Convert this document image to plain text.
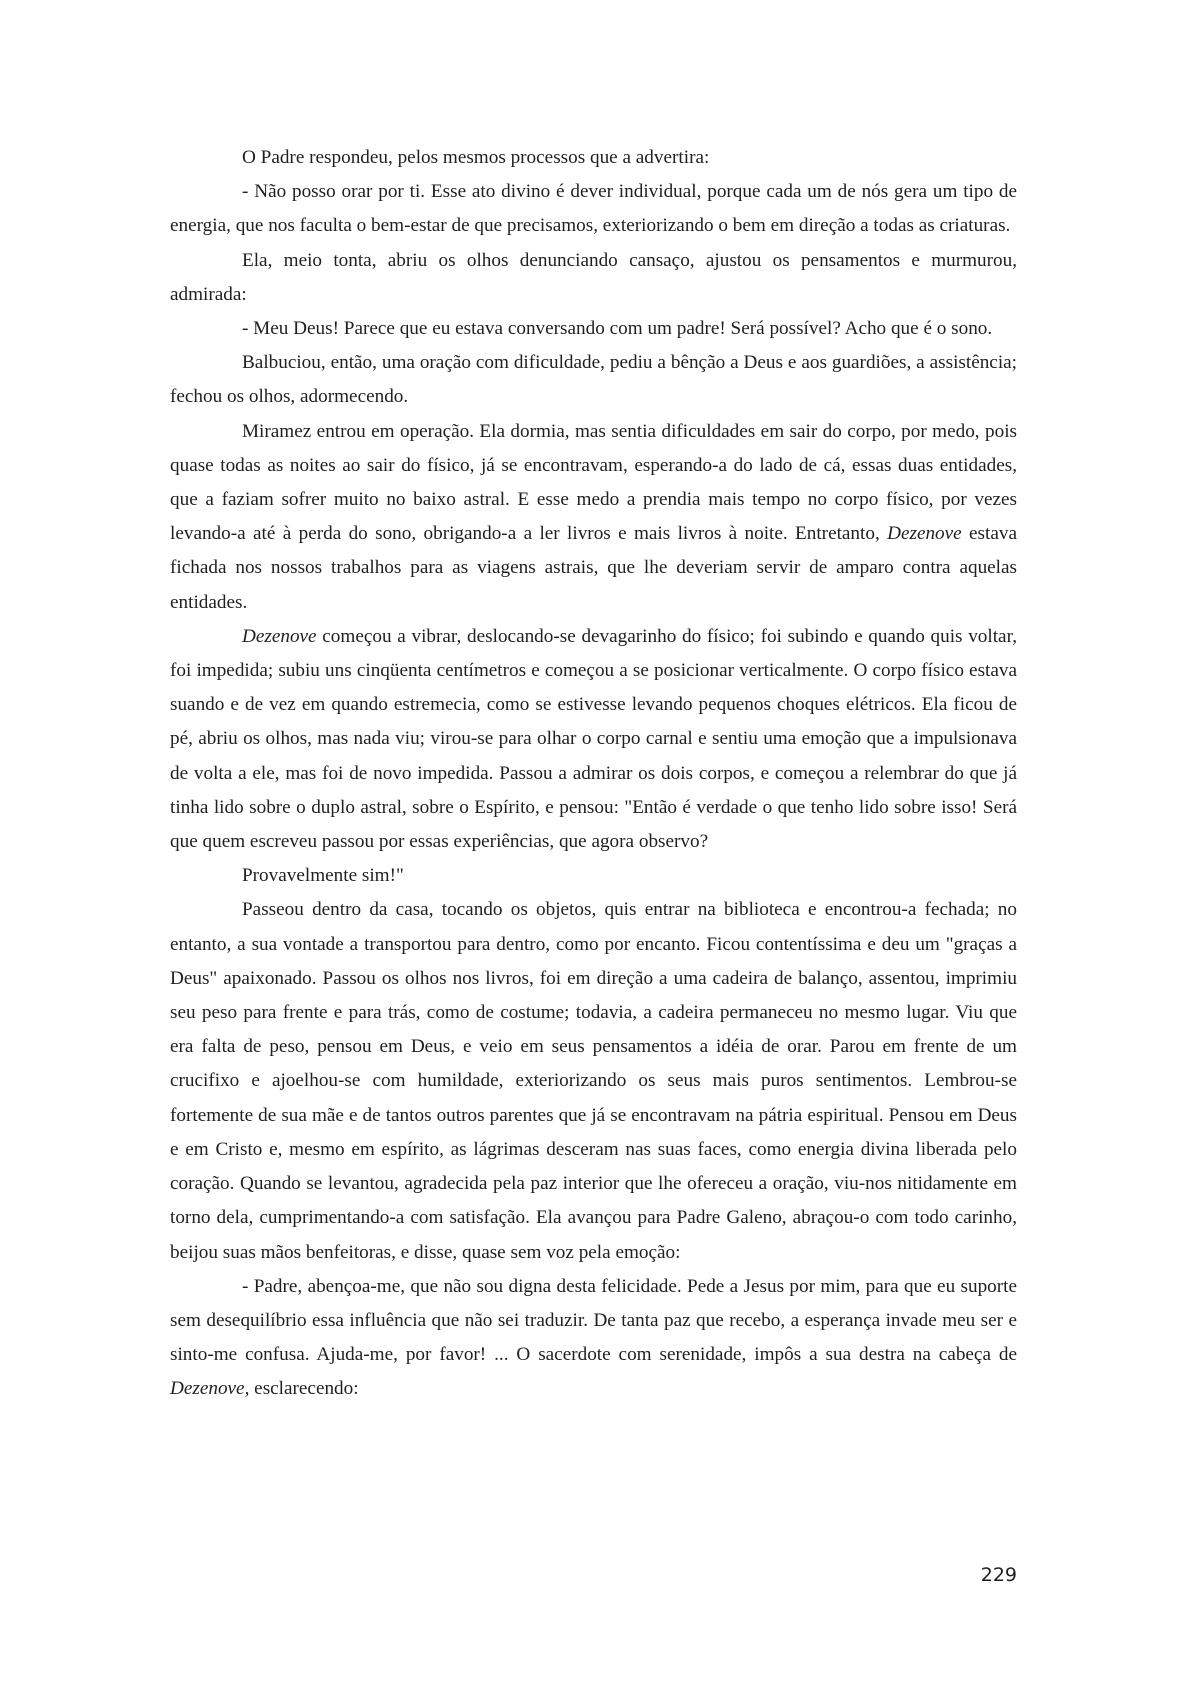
O Padre respondeu, pelos mesmos processos que a advertira:

- Não posso orar por ti. Esse ato divino é dever individual, porque cada um de nós gera um tipo de energia, que nos faculta o bem-estar de que precisamos, exteriorizando o bem em direção a todas as criaturas.

Ela, meio tonta, abriu os olhos denunciando cansaço, ajustou os pensamentos e murmurou, admirada:

- Meu Deus! Parece que eu estava conversando com um padre! Será possível? Acho que é o sono.

Balbuciou, então, uma oração com dificuldade, pediu a bênção a Deus e aos guardiões, a assistência; fechou os olhos, adormecendo.

Miramez entrou em operação. Ela dormia, mas sentia dificuldades em sair do corpo, por medo, pois quase todas as noites ao sair do físico, já se encontravam, esperando-a do lado de cá, essas duas entidades, que a faziam sofrer muito no baixo astral. E esse medo a prendia mais tempo no corpo físico, por vezes levando-a até à perda do sono, obrigando-a a ler livros e mais livros à noite. Entretanto, Dezenove estava fichada nos nossos trabalhos para as viagens astrais, que lhe deveriam servir de amparo contra aquelas entidades.

Dezenove começou a vibrar, deslocando-se devagarinho do físico; foi subindo e quando quis voltar, foi impedida; subiu uns cinqüenta centímetros e começou a se posicionar verticalmente. O corpo físico estava suando e de vez em quando estremecia, como se estivesse levando pequenos choques elétricos. Ela ficou de pé, abriu os olhos, mas nada viu; virou-se para olhar o corpo carnal e sentiu uma emoção que a impulsionava de volta a ele, mas foi de novo impedida. Passou a admirar os dois corpos, e começou a relembrar do que já tinha lido sobre o duplo astral, sobre o Espírito, e pensou: "Então é verdade o que tenho lido sobre isso! Será que quem escreveu passou por essas experiências, que agora observo?

Provavelmente sim!"

Passeou dentro da casa, tocando os objetos, quis entrar na biblioteca e encontrou-a fechada; no entanto, a sua vontade a transportou para dentro, como por encanto. Ficou contentíssima e deu um "graças a Deus" apaixonado. Passou os olhos nos livros, foi em direção a uma cadeira de balanço, assentou, imprimiu seu peso para frente e para trás, como de costume; todavia, a cadeira permaneceu no mesmo lugar. Viu que era falta de peso, pensou em Deus, e veio em seus pensamentos a idéia de orar. Parou em frente de um crucifixo e ajoelhou-se com humildade, exteriorizando os seus mais puros sentimentos. Lembrou-se fortemente de sua mãe e de tantos outros parentes que já se encontravam na pátria espiritual. Pensou em Deus e em Cristo e, mesmo em espírito, as lágrimas desceram nas suas faces, como energia divina liberada pelo coração. Quando se levantou, agradecida pela paz interior que lhe ofereceu a oração, viu-nos nitidamente em torno dela, cumprimentando-a com satisfação. Ela avançou para Padre Galeno, abraçou-o com todo carinho, beijou suas mãos benfeitoras, e disse, quase sem voz pela emoção:

- Padre, abençoa-me, que não sou digna desta felicidade. Pede a Jesus por mim, para que eu suporte sem desequilíbrio essa influência que não sei traduzir. De tanta paz que recebo, a esperança invade meu ser e sinto-me confusa. Ajuda-me, por favor! ... O sacerdote com serenidade, impôs a sua destra na cabeça de Dezenove, esclarecendo:

229
